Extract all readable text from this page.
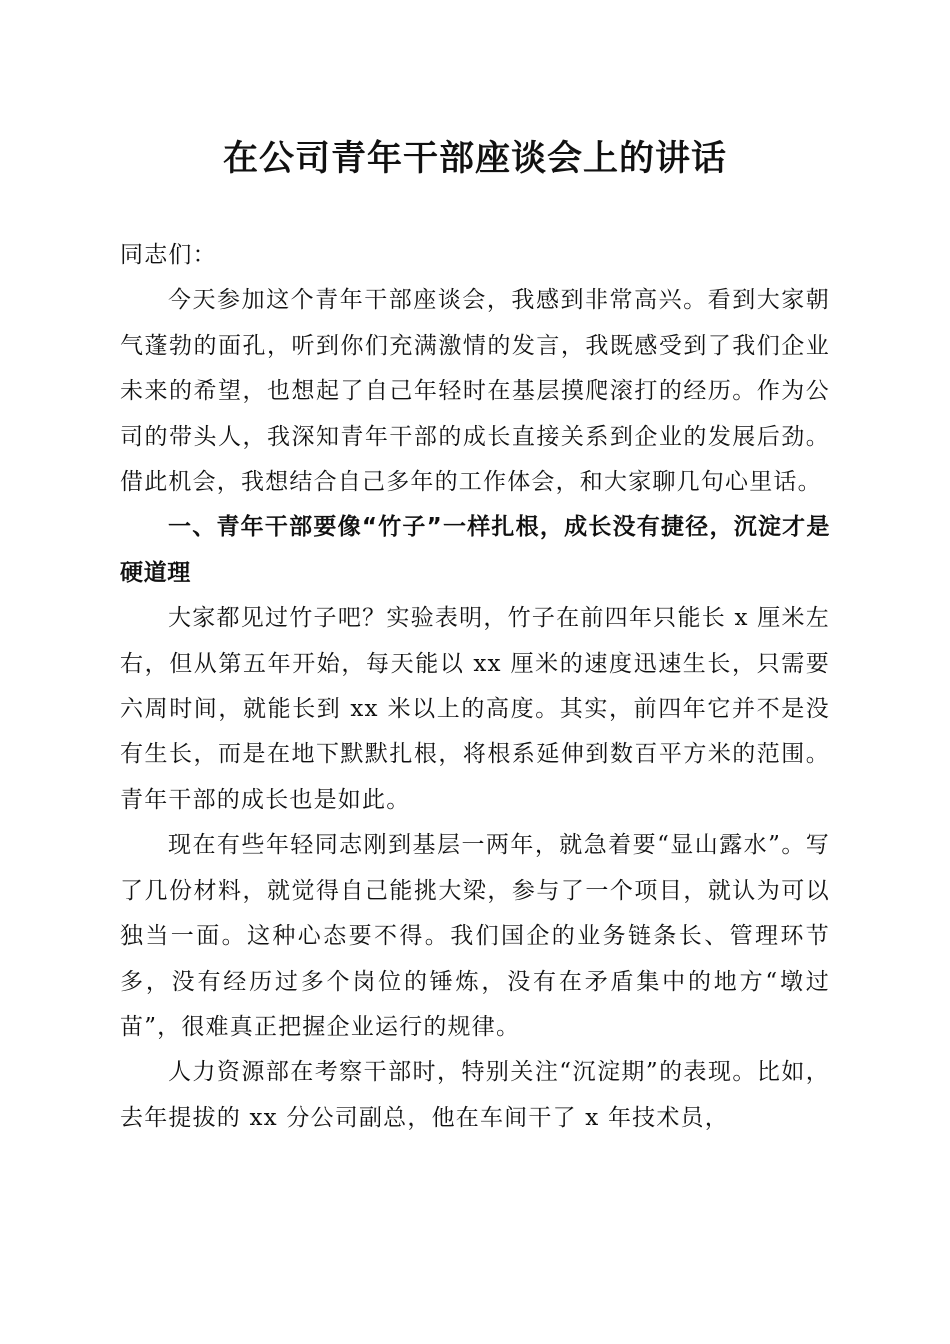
在公司青年干部座谈会上的讲话

同志们：

今天参加这个青年干部座谈会，我感到非常高兴。看到大家朝气蓬勃的面孔，听到你们充满激情的发言，我既感受到了我们企业未来的希望，也想起了自己年轻时在基层摸爬滚打的经历。作为公司的带头人，我深知青年干部的成长直接关系到企业的发展后劲。借此机会，我想结合自己多年的工作体会，和大家聊几句心里话。

一、青年干部要像“竹子”一样扎根，成长没有捷径，沉淀才是硬道理

大家都见过竹子吧？实验表明，竹子在前四年只能长 x 厘米左右，但从第五年开始，每天能以 xx 厘米的速度迅速生长，只需要六周时间，就能长到 xx 米以上的高度。其实，前四年它并不是没有生长，而是在地下默默扎根，将根系延伸到数百平方米的范围。青年干部的成长也是如此。

现在有些年轻同志刚到基层一两年，就急着要“显山露水”。写了几份材料，就觉得自己能挑大梁，参与了一个项目，就认为可以独当一面。这种心态要不得。我们国企的业务链条长、管理环节多，没有经历过多个岗位的锤炼，没有在矛盾集中的地方“墩过苗”，很难真正把握企业运行的规律。

人力资源部在考察干部时，特别关注“沉淀期”的表现。比如，去年提拔的 xx 分公司副总，他在车间干了 x 年技术员，
